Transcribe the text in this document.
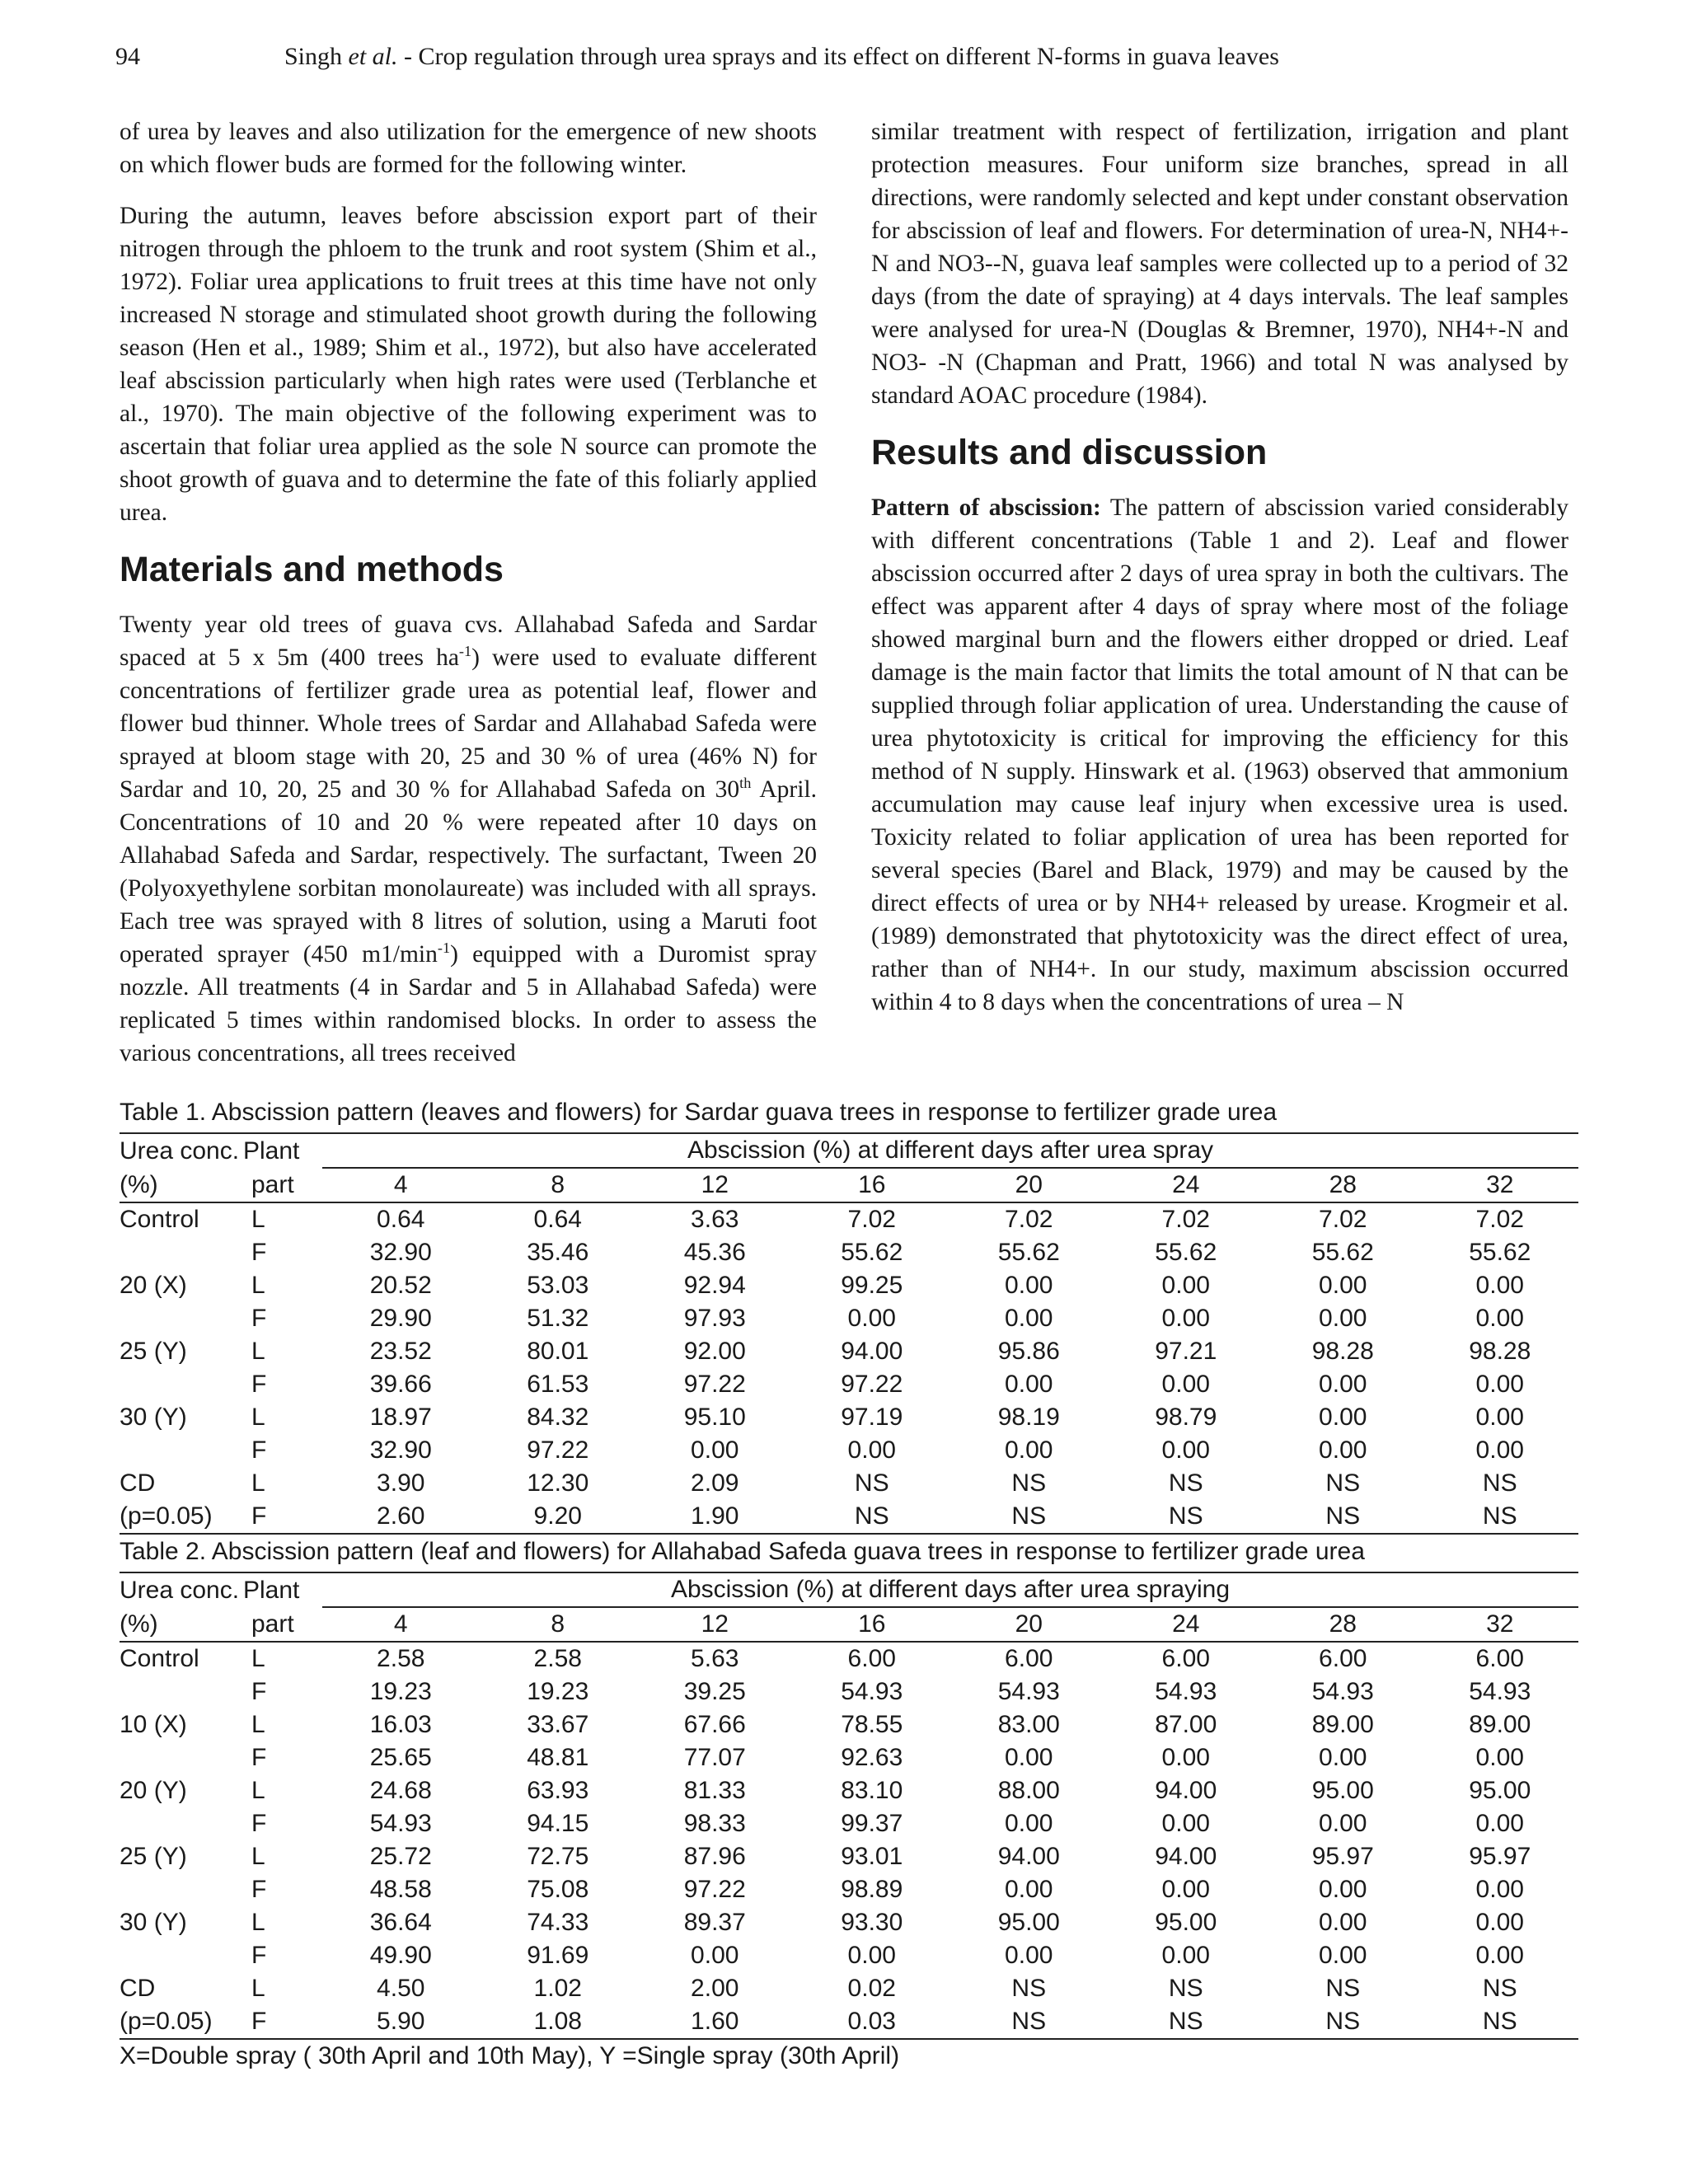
94	Singh et al. - Crop regulation through urea sprays and its effect on different N-forms in guava leaves

of urea by leaves and also utilization for the emergence of new shoots on which flower buds are formed for the following winter.

During the autumn, leaves before abscission export part of their nitrogen through the phloem to the trunk and root system (Shim et al., 1972). Foliar urea applications to fruit trees at this time have not only increased N storage and stimulated shoot growth during the following season (Hen et al., 1989; Shim et al., 1972), but also have accelerated leaf abscission particularly when high rates were used (Terblanche et al., 1970). The main objective of the following experiment was to ascertain that foliar urea applied as the sole N source can promote the shoot growth of guava and to determine the fate of this foliarly applied urea.

Materials and methods

Twenty year old trees of guava cvs. Allahabad Safeda and Sardar spaced at 5 x 5m (400 trees $ha^{-1}$) were used to evaluate different concentrations of fertilizer grade urea as potential leaf, flower and flower bud thinner. Whole trees of Sardar and Allahabad Safeda were sprayed at bloom stage with 20, 25 and 30 % of urea (46% N) for Sardar and 10, 20, 25 and 30 % for Allahabad Safeda on 30th April. Concentrations of 10 and 20 % were repeated after 10 days on Allahabad Safeda and Sardar, respectively. The surfactant, Tween 20 (Polyoxyethylene sorbitan monolaureate) was included with all sprays. Each tree was sprayed with 8 litres of solution, using a Maruti foot operated sprayer (450 $m1/\min^{-1}$) equipped with a Duromist spray nozzle. All treatments (4 in Sardar and 5 in Allahabad Safeda) were replicated 5 times within randomised blocks. In order to assess the various concentrations, all trees received

similar treatment with respect of fertilization, irrigation and plant protection measures. Four uniform size branches, spread in all directions, were randomly selected and kept under constant observation for abscission of leaf and flowers. For determination of urea-N, NH4+-N and NO3--N, guava leaf samples were collected up to a period of 32 days (from the date of spraying) at 4 days intervals. The leaf samples were analysed for urea-N (Douglas & Bremner, 1970), NH4+-N and NO3- -N (Chapman and Pratt, 1966) and total N was analysed by standard AOAC procedure (1984).

Results and discussion

Pattern of abscission: The pattern of abscission varied considerably with different concentrations (Table 1 and 2). Leaf and flower abscission occurred after 2 days of urea spray in both the cultivars. The effect was apparent after 4 days of spray where most of the foliage showed marginal burn and the flowers either dropped or dried. Leaf damage is the main factor that limits the total amount of N that can be supplied through foliar application of urea. Understanding the cause of urea phytotoxicity is critical for improving the efficiency for this method of N supply. Hinswark et al. (1963) observed that ammonium accumulation may cause leaf injury when excessive urea is used. Toxicity related to foliar application of urea has been reported for several species (Barel and Black, 1979) and may be caused by the direct effects of urea or by NH4+ released by urease. Krogmeir et al. (1989) demonstrated that phytotoxicity was the direct effect of urea, rather than of NH4+. In our study, maximum abscission occurred within 4 to 8 days when the concentrations of urea – N

Table 1. Abscission pattern (leaves and flowers) for Sardar guava trees in response to fertilizer grade urea
Urea conc.	Plant	Abscission (%) at different days after urea spray							
(%)	part	4	8	12	16	20	24	28	32
Control	L	0.64	0.64	3.63	7.02	7.02	7.02	7.02	7.02
	F	32.90	35.46	45.36	55.62	55.62	55.62	55.62	55.62
20 (X)	L	20.52	53.03	92.94	99.25	0.00	0.00	0.00	0.00
	F	29.90	51.32	97.93	0.00	0.00	0.00	0.00	0.00
25 (Y)	L	23.52	80.01	92.00	94.00	95.86	97.21	98.28	98.28
	F	39.66	61.53	97.22	97.22	0.00	0.00	0.00	0.00
30 (Y)	L	18.97	84.32	95.10	97.19	98.19	98.79	0.00	0.00
	F	32.90	97.22	0.00	0.00	0.00	0.00	0.00	0.00
CD	L	3.90	12.30	2.09	NS	NS	NS	NS	NS
(p=0.05)	F	2.60	9.20	1.90	NS	NS	NS	NS	NS
Table 2. Abscission pattern (leaf and flowers) for Allahabad Safeda guava trees in response to fertilizer grade urea
Urea conc.	Plant	Abscission (%) at different days after urea spraying							
(%)	part	4	8	12	16	20	24	28	32
Control	L	2.58	2.58	5.63	6.00	6.00	6.00	6.00	6.00
	F	19.23	19.23	39.25	54.93	54.93	54.93	54.93	54.93
10 (X)	L	16.03	33.67	67.66	78.55	83.00	87.00	89.00	89.00
	F	25.65	48.81	77.07	92.63	0.00	0.00	0.00	0.00
20 (Y)	L	24.68	63.93	81.33	83.10	88.00	94.00	95.00	95.00
	F	54.93	94.15	98.33	99.37	0.00	0.00	0.00	0.00
25 (Y)	L	25.72	72.75	87.96	93.01	94.00	94.00	95.97	95.97
	F	48.58	75.08	97.22	98.89	0.00	0.00	0.00	0.00
30 (Y)	L	36.64	74.33	89.37	93.30	95.00	95.00	0.00	0.00
	F	49.90	91.69	0.00	0.00	0.00	0.00	0.00	0.00
CD	L	4.50	1.02	2.00	0.02	NS	NS	NS	NS
(p=0.05)	F	5.90	1.08	1.60	0.03	NS	NS	NS	NS
X=Double spray ( 30th April and 10th May), Y =Single spray (30th April)
